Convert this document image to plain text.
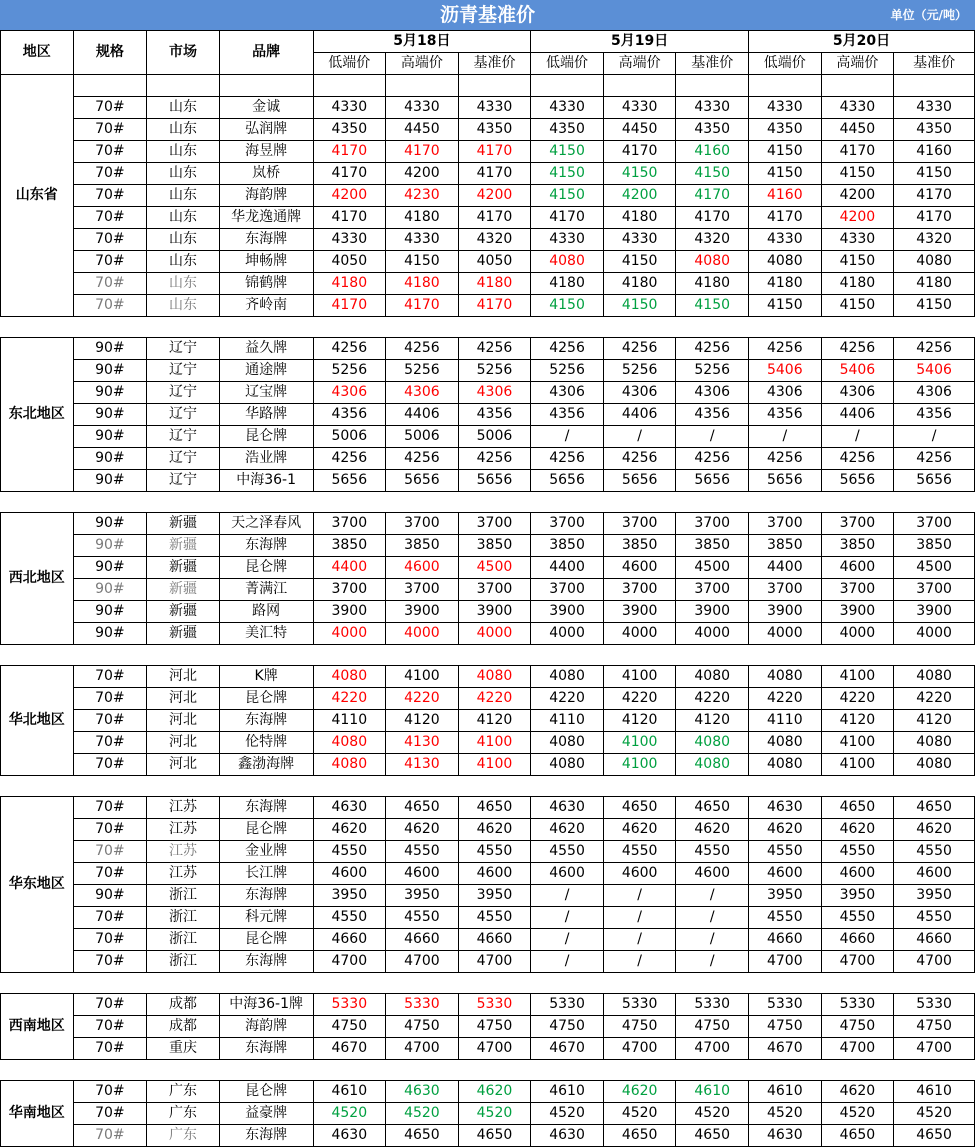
沥青基准价	单位（元/吨）
地区	规格	市场	品牌	5月18日			5月19日			5月20日		
				低端价	高端价	基准价	低端价	高端价	基准价	低端价	高端价	基准价
山东省												
	70#	山东	金诚	4330	4330	4330	4330	4330	4330	4330	4330	4330
	70#	山东	弘润牌	4350	4450	4350	4350	4450	4350	4350	4450	4350
	70#	山东	海昱牌	4170	4170	4170	4150	4170	4160	4150	4170	4160
	70#	山东	岚桥	4170	4200	4170	4150	4150	4150	4150	4150	4150
	70#	山东	海韵牌	4200	4230	4200	4150	4200	4170	4160	4200	4170
	70#	山东	华龙逸通牌	4170	4180	4170	4170	4180	4170	4170	4200	4170
	70#	山东	东海牌	4330	4330	4320	4330	4330	4320	4330	4330	4320
	70#	山东	坤畅牌	4050	4150	4050	4080	4150	4080	4080	4150	4080
	70#	山东	锦鹤牌	4180	4180	4180	4180	4180	4180	4180	4180	4180
	70#	山东	齐岭南	4170	4170	4170	4150	4150	4150	4150	4150	4150

东北地区	90#	辽宁	益久牌	4256	4256	4256	4256	4256	4256	4256	4256	4256
	90#	辽宁	通途牌	5256	5256	5256	5256	5256	5256	5406	5406	5406
	90#	辽宁	辽宝牌	4306	4306	4306	4306	4306	4306	4306	4306	4306
	90#	辽宁	华路牌	4356	4406	4356	4356	4406	4356	4356	4406	4356
	90#	辽宁	昆仑牌	5006	5006	5006	/	/	/	/	/	/
	90#	辽宁	浩业牌	4256	4256	4256	4256	4256	4256	4256	4256	4256
	90#	辽宁	中海36-1	5656	5656	5656	5656	5656	5656	5656	5656	5656

西北地区	90#	新疆	天之泽春风	3700	3700	3700	3700	3700	3700	3700	3700	3700
	90#	新疆	东海牌	3850	3850	3850	3850	3850	3850	3850	3850	3850
	90#	新疆	昆仑牌	4400	4600	4500	4400	4600	4500	4400	4600	4500
	90#	新疆	菁满江	3700	3700	3700	3700	3700	3700	3700	3700	3700
	90#	新疆	路网	3900	3900	3900	3900	3900	3900	3900	3900	3900
	90#	新疆	美汇特	4000	4000	4000	4000	4000	4000	4000	4000	4000

华北地区	70#	河北	K牌	4080	4100	4080	4080	4100	4080	4080	4100	4080
	70#	河北	昆仑牌	4220	4220	4220	4220	4220	4220	4220	4220	4220
	70#	河北	东海牌	4110	4120	4120	4110	4120	4120	4110	4120	4120
	70#	河北	伦特牌	4080	4130	4100	4080	4100	4080	4080	4100	4080
	70#	河北	鑫渤海牌	4080	4130	4100	4080	4100	4080	4080	4100	4080

华东地区	70#	江苏	东海牌	4630	4650	4650	4630	4650	4650	4630	4650	4650
	70#	江苏	昆仑牌	4620	4620	4620	4620	4620	4620	4620	4620	4620
	70#	江苏	金业牌	4550	4550	4550	4550	4550	4550	4550	4550	4550
	70#	江苏	长江牌	4600	4600	4600	4600	4600	4600	4600	4600	4600
	90#	浙江	东海牌	3950	3950	3950	/	/	/	3950	3950	3950
	70#	浙江	科元牌	4550	4550	4550	/	/	/	4550	4550	4550
	70#	浙江	昆仑牌	4660	4660	4660	/	/	/	4660	4660	4660
	70#	浙江	东海牌	4700	4700	4700	/	/	/	4700	4700	4700

西南地区	70#	成都	中海36-1牌	5330	5330	5330	5330	5330	5330	5330	5330	5330
	70#	成都	海韵牌	4750	4750	4750	4750	4750	4750	4750	4750	4750
	70#	重庆	东海牌	4670	4700	4700	4670	4700	4700	4670	4700	4700

华南地区	70#	广东	昆仑牌	4610	4630	4620	4610	4620	4610	4610	4620	4610
	70#	广东	益豪牌	4520	4520	4520	4520	4520	4520	4520	4520	4520
	70#	广东	东海牌	4630	4650	4650	4630	4650	4650	4630	4650	4650
